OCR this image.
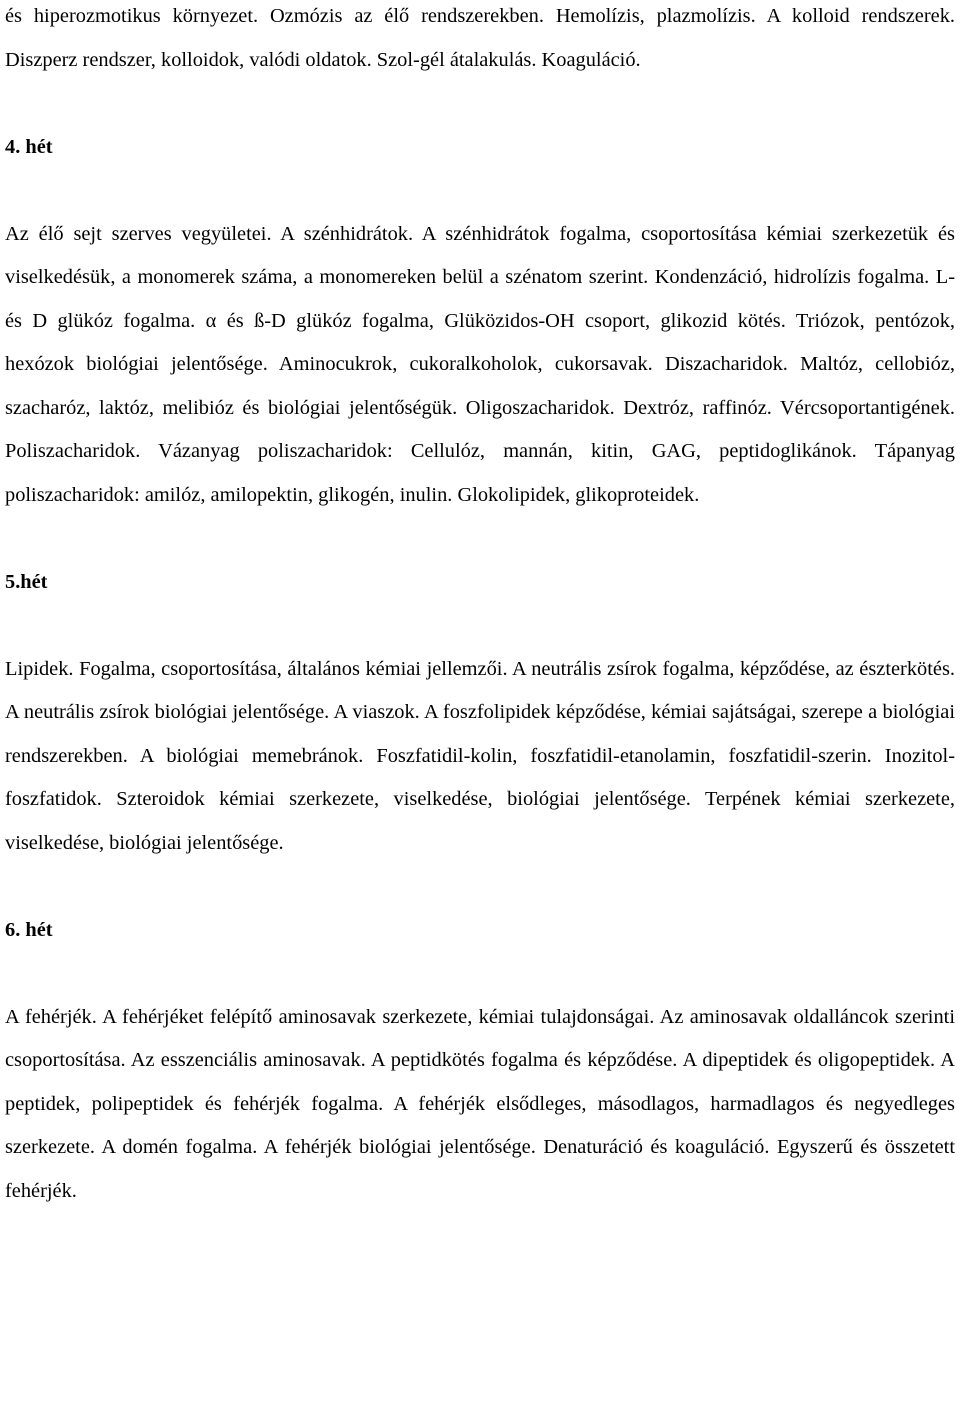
és hiperozmotikus környezet. Ozmózis az élő rendszerekben. Hemolízis, plazmolízis. A kolloid rendszerek. Diszperz rendszer, kolloidok, valódi oldatok. Szol-gél átalakulás. Koaguláció.

4. hét

Az élő sejt szerves vegyületei. A szénhidrátok. A szénhidrátok fogalma, csoportosítása kémiai szerkezetük és viselkedésük, a monomerek száma, a monomereken belül a szénatom szerint. Kondenzáció, hidrolízis fogalma. L- és D glükóz fogalma. α és ß-D glükóz fogalma, Glüközidos-OH csoport, glikozid kötés. Triózok, pentózok, hexózok biológiai jelentősége. Aminocukrok, cukoralkoholok, cukorsavak. Diszacharidok. Maltóz, cellobióz, szacharóz, laktóz, melibióz és biológiai jelentőségük. Oligoszacharidok. Dextróz, raffinóz. Vércsoportantigének. Poliszacharidok. Vázanyag poliszacharidok: Cellulóz, mannán, kitin, GAG, peptidoglikánok. Tápanyag poliszacharidok: amilóz, amilopektin, glikogén, inulin. Glokolipidek, glikoproteidek.

5.hét

Lipidek. Fogalma, csoportosítása, általános kémiai jellemzői. A neutrális zsírok fogalma, képződése, az észterkötés. A neutrális zsírok biológiai jelentősége. A viaszok. A foszfolipidek képződése, kémiai sajátságai, szerepe a biológiai rendszerekben. A biológiai memebránok. Foszfatidil-kolin, foszfatidil-etanolamin, foszfatidil-szerin. Inozitol-foszfatidok. Szteroidok kémiai szerkezete, viselkedése, biológiai jelentősége. Terpének kémiai szerkezete, viselkedése, biológiai jelentősége.

6. hét

A fehérjék. A fehérjéket felépítő aminosavak szerkezete, kémiai tulajdonságai. Az aminosavak oldalláncok szerinti csoportosítása. Az esszenciális aminosavak. A peptidkötés fogalma és képződése. A dipeptidek és oligopeptidek. A peptidek, polipeptidek és fehérjék fogalma. A fehérjék elsődleges, másodlagos, harmadlagos és negyedleges szerkezete. A domén fogalma. A fehérjék biológiai jelentősége. Denaturáció és koaguláció. Egyszerű és összetett fehérjék.
